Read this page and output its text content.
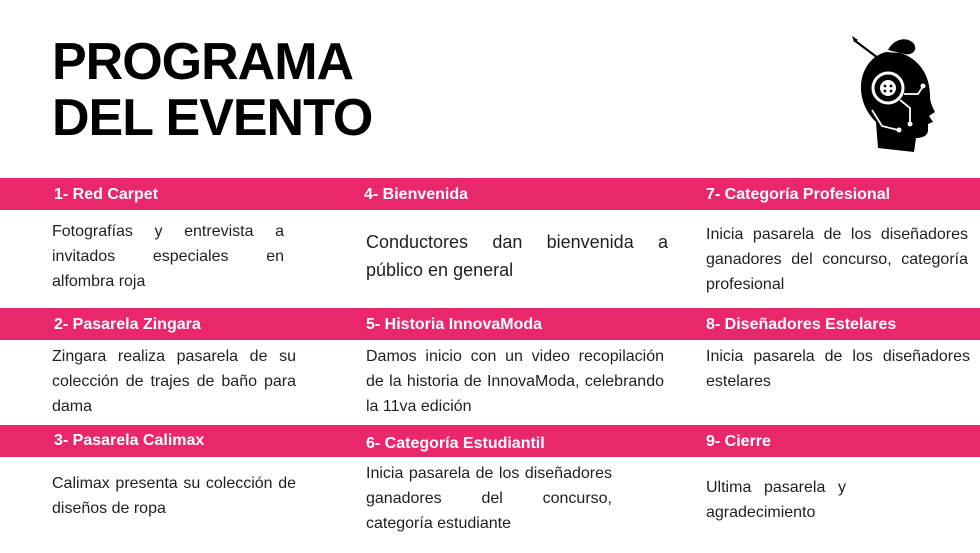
PROGRAMA
DEL EVENTO
1- Red Carpet	4- Bienvenida	7- Categoría Profesional
Fotografías y entrevista a invitados especiales en alfombra roja
Conductores dan bienvenida a público en general
Inicia pasarela de los diseñadores ganadores del concurso, categoría profesional
2- Pasarela Zingara	5- Historia InnovaModa	8- Diseñadores Estelares
Zingara realiza pasarela de su colección de trajes de baño para dama
Damos inicio con un video recopilación de la historia de InnovaModa, celebrando la 11va edición
Inicia pasarela de los diseñadores estelares
3- Pasarela Calimax	6- Categoría Estudiantil	9- Cierre
Calimax presenta su colección de diseños de ropa
Inicia pasarela de los diseñadores ganadores del concurso, categoría estudiante
Ultima pasarela y agradecimiento
